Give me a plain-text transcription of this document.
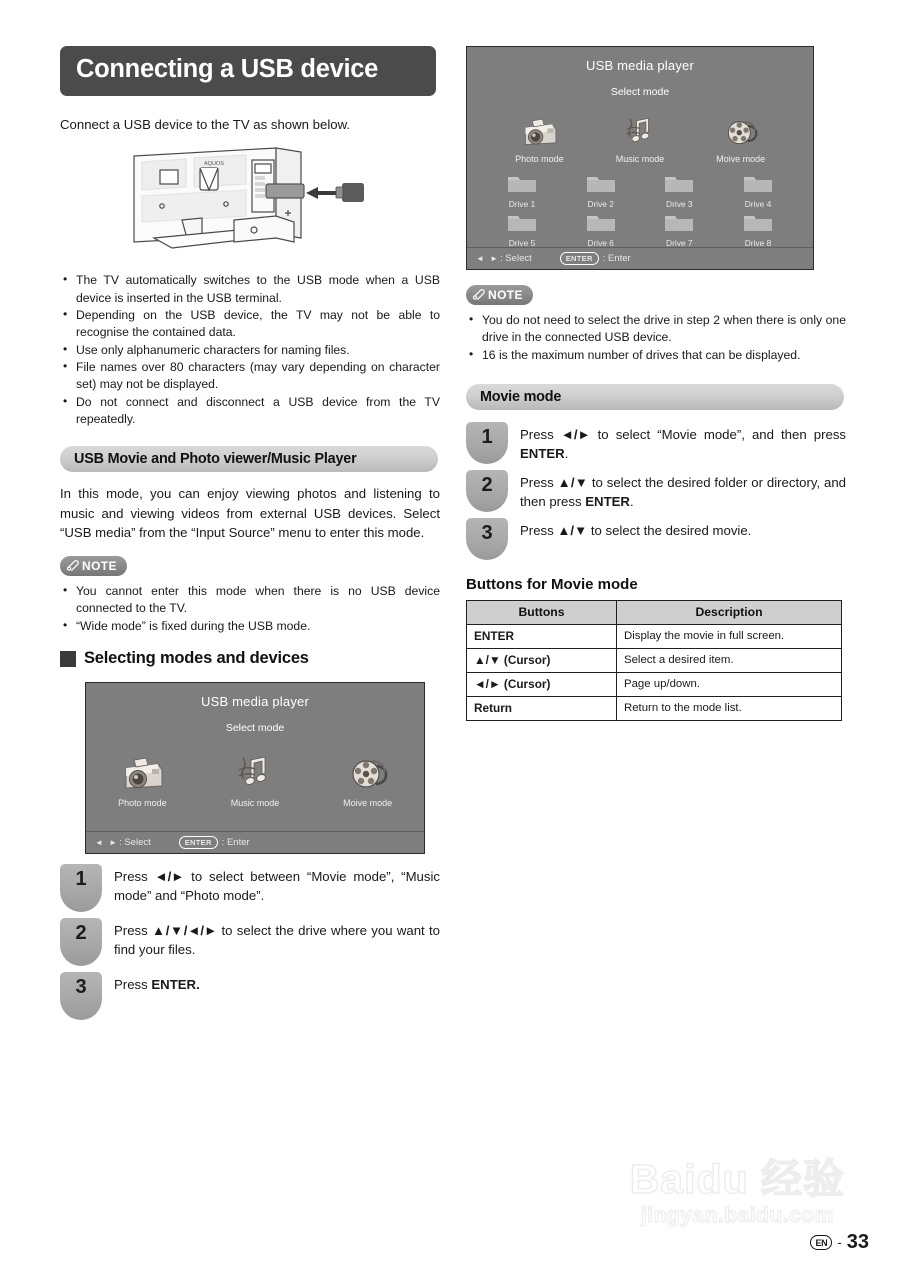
Connecting a USB device
Connect a USB device to the TV as shown below.
AQUOS
• The TV automatically switches to the USB mode when a USB device is inserted in the USB terminal.
• Depending on the USB device, the TV may not be able to recognise the contained data.
• Use only alphanumeric characters for naming files.
• File names over 80 characters (may vary depending on character set) may not be displayed.
• Do not connect and disconnect a USB device from the TV repeatedly.
USB Movie and Photo viewer/Music Player
In this mode, you can enjoy viewing photos and listening to music and viewing videos from external USB devices. Select “USB media” from the “Input Source” menu to enter this mode.
NOTE
• You cannot enter this mode when there is no USB device connected to the TV.
• “Wide mode” is fixed during the USB mode.
Selecting modes and devices
USB media player
Select mode
Photo mode	Music mode	Moive mode
◄ ► : Select	ENTER	: Enter
1	Press ◄/► to select between “Movie mode”, “Music mode” and “Photo mode”.
2	Press ▲/▼/◄/► to select the drive where you want to find your files.
3	Press ENTER.
USB media player
Select mode
Photo mode	Music mode	Moive mode
Drive 1	Drive 2	Drive 3	Drive 4
Drive 5	Drive 6	Drive 7	Drive 8
◄ ► : Select	ENTER	: Enter
NOTE
• You do not need to select the drive in step 2 when there is only one drive in the connected USB device.
• 16 is the maximum number of drives that can be displayed.
Movie mode
1	Press ◄/► to select “Movie mode”, and then press ENTER.
2	Press ▲/▼ to select the desired folder or directory, and then press ENTER.
3	Press ▲/▼ to select the desired movie.
Buttons for Movie mode
Buttons	Description
ENTER	Display the movie in full screen.
▲/▼ (Cursor)	Select a desired item.
◄/► (Cursor)	Page up/down.
Return	Return to the mode list.
Baidu 经验
jingyan.baidu.com
EN - 33
